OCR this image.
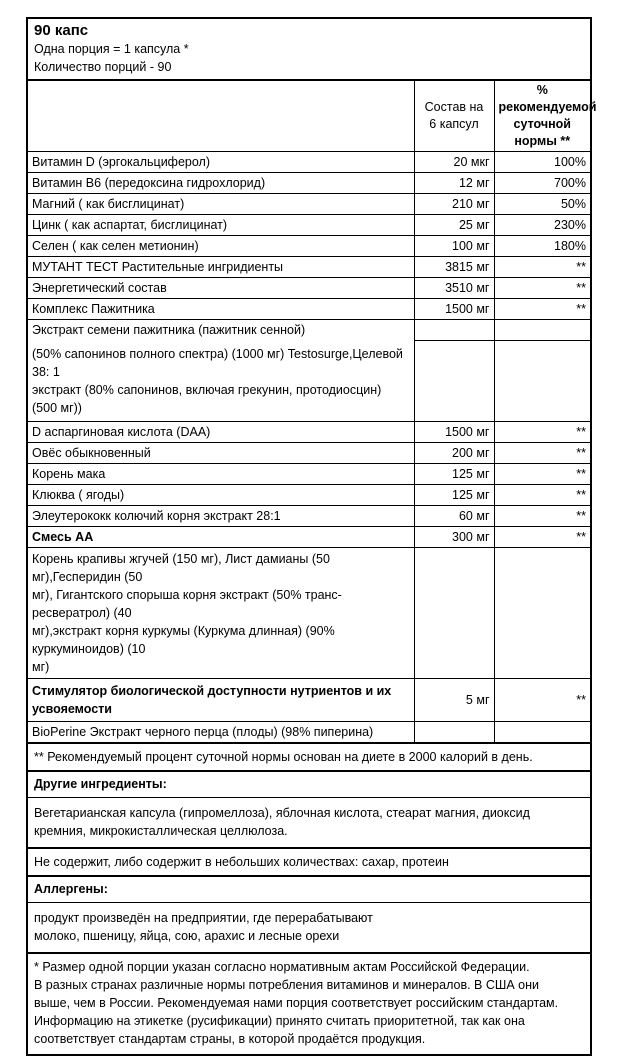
90 капс
Одна порция = 1 капсула *
Количество порций - 90
	Состав на
6 капсул	%
рекомендуемой
суточной
нормы **
Витамин D (эргокальциферол)	20 мкг	100%
Витамин В6 (передоксина гидрохлорид)	12 мг	700%
Магний ( как бисглицинат)	210 мг	50%
Цинк ( как аспартат, бисглицинат)	25 мг	230%
Селен ( как селен метионин)	100 мг	180%
МУТАНТ ТЕСТ Растительные ингридиенты	3815 мг	**
Энергетический состав	3510 мг	**
Комплекс Пажитника	1500 мг	**
Экстракт семени пажитника (пажитник сенной)		
(50% сапонинов полного спектра) (1000 мг) Testosurge,Целевой 38: 1
экстракт (80% сапонинов, включая грекунин, протодиосцин) (500 мг))		
D аспаргиновая кислота (DAA)	1500 мг	**
Овёс обыкновенный	200 мг	**
Корень мака	125 мг	**
Клюква ( ягоды)	125 мг	**
Элеутерококк колючий корня экстракт 28:1	60 мг	**
Смесь АА	300 мг	**
Корень крапивы жгучей (150 мг), Лист дамианы (50 мг),Гесперидин (50
мг), Гигантского спорыша корня экстракт (50% транс-ресвератрол) (40
мг),экстракт корня куркумы (Куркума длинная) (90% куркуминоидов) (10
мг)		
Стимулятор биологической доступности нутриентов и их
усвояемости	5 мг	**
BioPerine Экстракт черного перца (плоды) (98% пиперина)		
** Рекомендуемый процент суточной нормы основан на диете в 2000 калорий в день.
Другие ингредиенты:
Вегетарианская капсула (гипромеллоза), яблочная кислота, стеарат магния, диоксид
кремния, микрокисталлическая целлюлоза.
Не содержит, либо содержит в небольших количествах: сахар, протеин
Аллергены:
продукт произведён на предприятии, где перерабатывают
молоко, пшеницу, яйца, сою, арахис и лесные орехи
* Размер одной порции указан согласно нормативным актам Российской Федерации.
В разных странах различные нормы потребления витаминов и минералов. В США они
выше, чем в России. Рекомендуемая нами порция соответствует российским стандартам.
Информацию на этикетке (русификации) принято считать приоритетной, так как она
соответствует стандартам страны, в которой продаётся продукция.
